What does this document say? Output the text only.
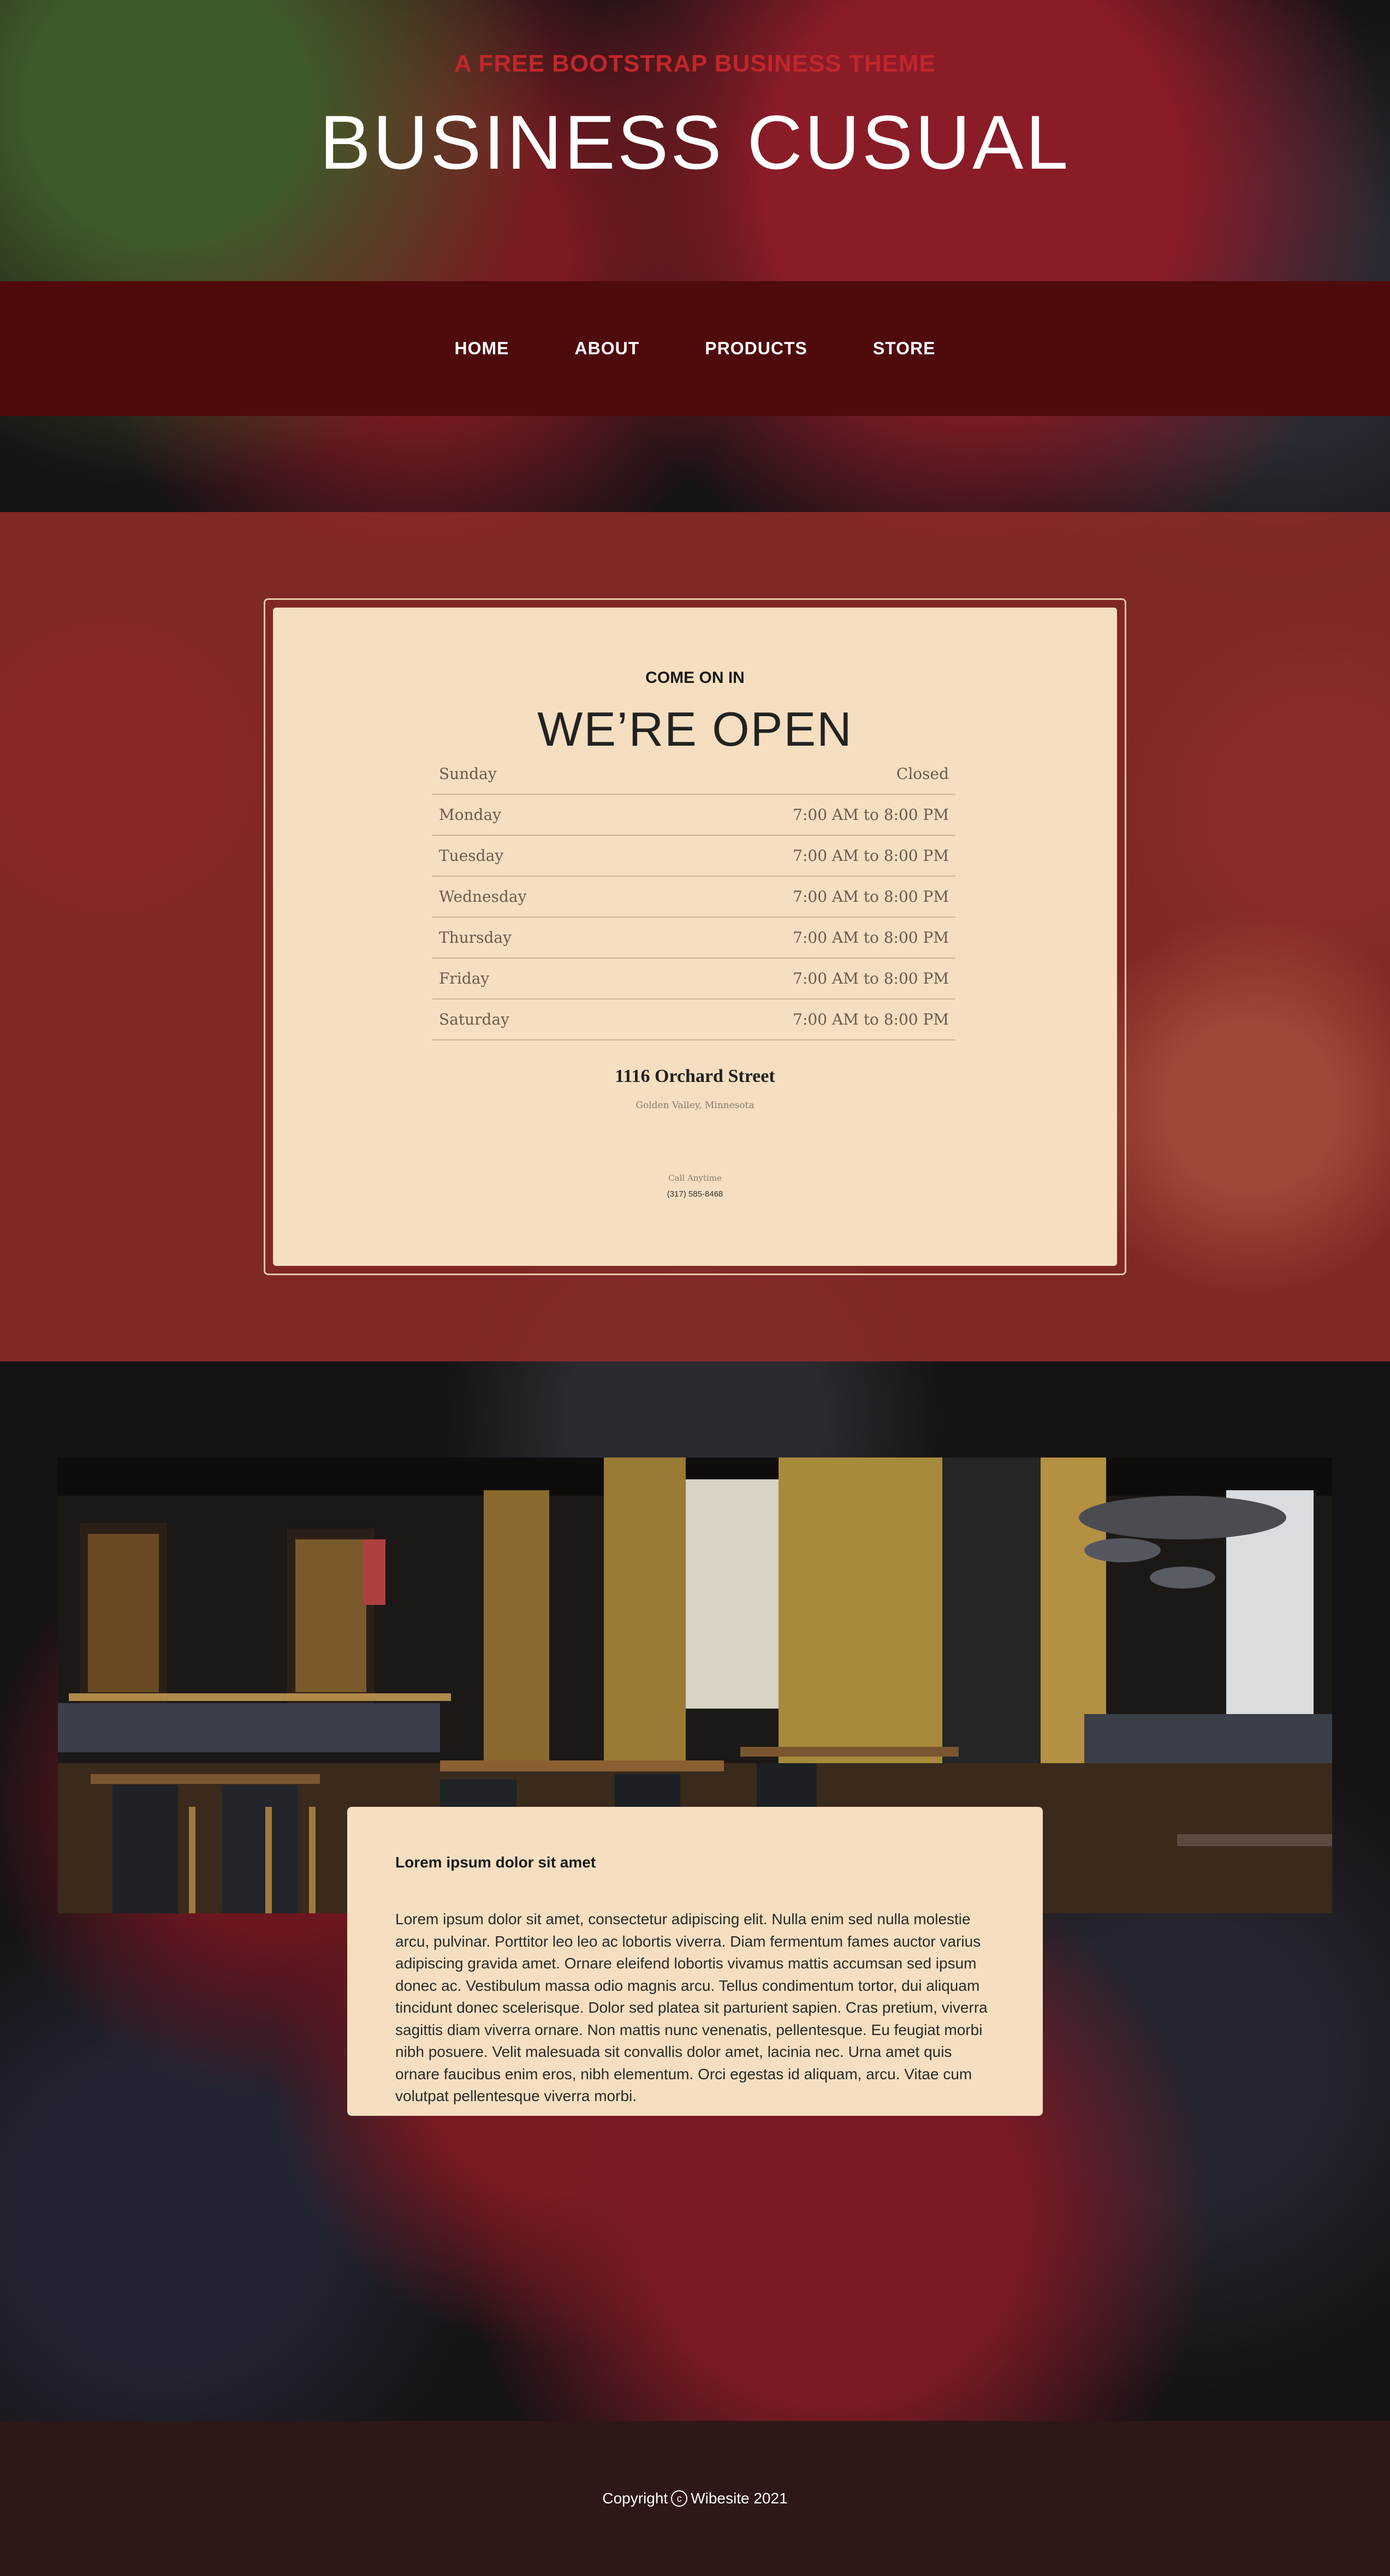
A FREE BOOTSTRAP BUSINESS THEME
BUSINESS CUSUAL
HOME	ABOUT	PRODUCTS	STORE
COME ON IN
WE’RE OPEN
Sunday	Closed
Monday	7:00 AM to 8:00 PM
Tuesday	7:00 AM to 8:00 PM
Wednesday	7:00 AM to 8:00 PM
Thursday	7:00 AM to 8:00 PM
Friday	7:00 AM to 8:00 PM
Saturday	7:00 AM to 8:00 PM
1116 Orchard Street
Golden Valley, Minnesota
Call Anytime
(317) 585-8468
Lorem ipsum dolor sit amet

Lorem ipsum dolor sit amet, consectetur adipiscing elit. Nulla enim sed nulla molestie arcu, pulvinar. Porttitor leo leo ac lobortis viverra. Diam fermentum fames auctor varius adipiscing gravida amet. Ornare eleifend lobortis vivamus mattis accumsan sed ipsum donec ac. Vestibulum massa odio magnis arcu. Tellus condimentum tortor, dui aliquam tincidunt donec scelerisque. Dolor sed platea sit parturient sapien. Cras pretium, viverra sagittis diam viverra ornare. Non mattis nunc venenatis, pellentesque. Eu feugiat morbi nibh posuere. Velit malesuada sit convallis dolor amet, lacinia nec. Urna amet quis ornare faucibus enim eros, nibh elementum. Orci egestas id aliquam, arcu. Vitae cum volutpat pellentesque viverra morbi.

Copyright c Wibesite 2021
